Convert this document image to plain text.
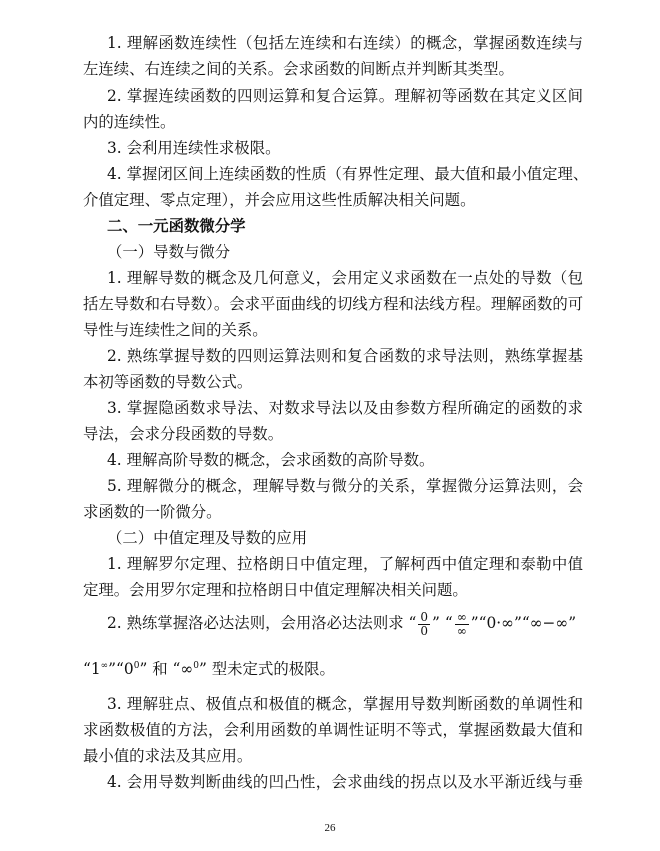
1. 理解函数连续性（包括左连续和右连续）的概念，掌握函数连续与
左连续、右连续之间的关系。会求函数的间断点并判断其类型。
2. 掌握连续函数的四则运算和复合运算。理解初等函数在其定义区间
内的连续性。
3. 会利用连续性求极限。
4. 掌握闭区间上连续函数的性质（有界性定理、最大值和最小值定理、
介值定理、零点定理），并会应用这些性质解决相关问题。
二、一元函数微分学
（一）导数与微分
1. 理解导数的概念及几何意义，会用定义求函数在一点处的导数（包
括左导数和右导数）。会求平面曲线的切线方程和法线方程。理解函数的可
导性与连续性之间的关系。
2. 熟练掌握导数的四则运算法则和复合函数的求导法则，熟练掌握基
本初等函数的导数公式。
3. 掌握隐函数求导法、对数求导法以及由参数方程所确定的函数的求
导法，会求分段函数的导数。
4. 理解高阶导数的概念，会求函数的高阶导数。
5. 理解微分的概念，理解导数与微分的关系，掌握微分运算法则，会
求函数的一阶微分。
（二）中值定理及导数的应用
1. 理解罗尔定理、拉格朗日中值定理，了解柯西中值定理和泰勒中值
定理。会用罗尔定理和拉格朗日中值定理解决相关问题。
2. 熟练掌握洛必达法则，会用洛必达法则求 “ $\frac{0}{0}$ ” “ $\frac{\infty}{\infty}$ ”“0·∞”“∞−∞”
“$1^\infty”“0^0$” 和 “∞$^0$” 型未定式的极限。
3. 理解驻点、极值点和极值的概念，掌握用导数判断函数的单调性和
求函数极值的方法，会利用函数的单调性证明不等式，掌握函数最大值和
最小值的求法及其应用。
4. 会用导数判断曲线的凹凸性，会求曲线的拐点以及水平渐近线与垂
26
